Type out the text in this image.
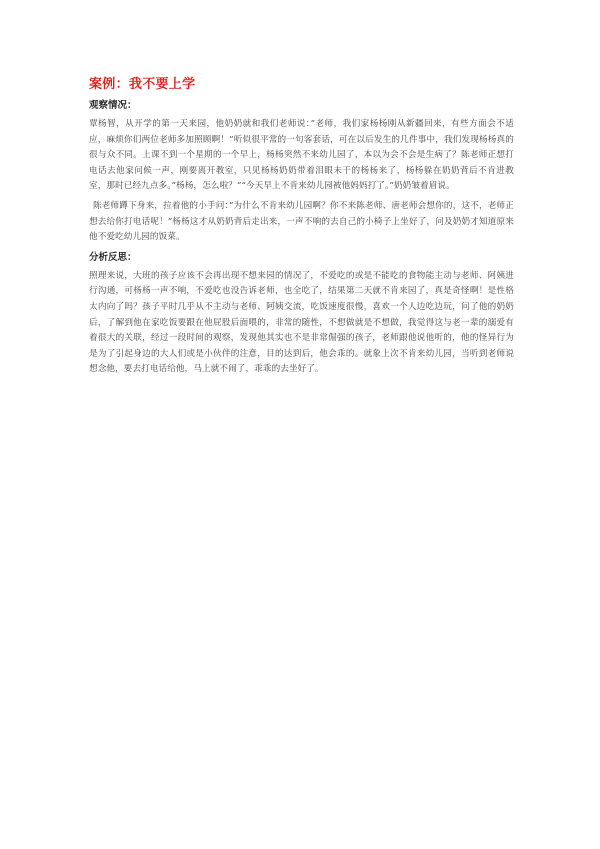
案例：我不要上学
观察情况：

覃杨智，从开学的第一天来园，他奶奶就和我们老师说：”老师，我们家杨杨刚从新疆回来，有些方面会不适应，麻烦你们两位老师多加照顾啊！”听似很平常的一句客套话，可在以后发生的几件事中，我们发现杨杨真的很与众不同。上课不到一个星期的一个早上，杨杨突然不来幼儿园了，本以为会不会是生病了？陈老师正想打电话去他家问候一声，刚要离开教室，只见杨杨奶奶带着泪眼未干的杨杨来了，杨杨躲在奶奶背后不肯进教室，那时已经九点多。”杨杨，怎么啦？”“今天早上不肯来幼儿园被他妈妈打了。”奶奶皱着眉说。

陈老师蹲下身来，拉着他的小手问：”为什么不肯来幼儿园啊？你不来陈老师、唐老师会想你的，这不，老师正想去给你打电话呢！”杨杨这才从奶奶背后走出来，一声不响的去自己的小椅子上坐好了，问及奶奶才知道原来他不爱吃幼儿园的饭菜。

分析反思：

照理来说，大班的孩子应该不会再出现不想来园的情况了，不爱吃的或是不能吃的食物能主动与老师、阿姨进行沟通，可杨杨一声不响，不爱吃也没告诉老师，也全吃了，结果第二天就不肯来园了，真是奇怪啊！是性格太内向了吗？孩子平时几乎从不主动与老师、阿姨交流，吃饭速度很慢，喜欢一个人边吃边玩，问了他的奶奶后，了解到他在家吃饭要跟在他屁股后面喂的，非常的随性，不想做就是不想做，我觉得这与老一辈的溺爱有着很大的关联，经过一段时间的观察，发现他其实也不是非常倔强的孩子，老师跟他说他听的，他的怪异行为是为了引起身边的大人们或是小伙伴的注意，目的达到后，他会乖的。就象上次不肯来幼儿园，当听到老师说想念他，要去打电话给他，马上就不闹了，乖乖的去坐好了。
